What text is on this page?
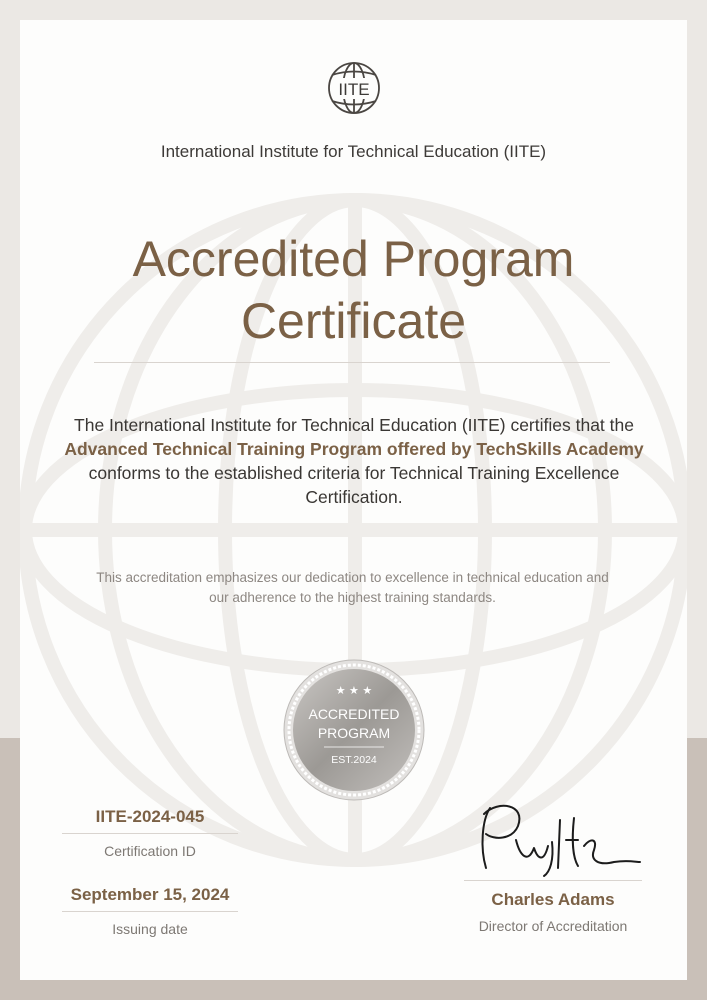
IITE
International Institute for Technical Education (IITE)
Accredited Program
Certificate
The International Institute for Technical Education (IITE) certifies that the Advanced Technical Training Program offered by TechSkills Academy conforms to the established criteria for Technical Training Excellence Certification.
This accreditation emphasizes our dedication to excellence in technical education and our adherence to the highest training standards.
★ ★ ★
ACCREDITED
PROGRAM
EST.2024
IITE-2024-045
Certification ID
September 15, 2024
Issuing date
Charles Adams
Director of Accreditation
